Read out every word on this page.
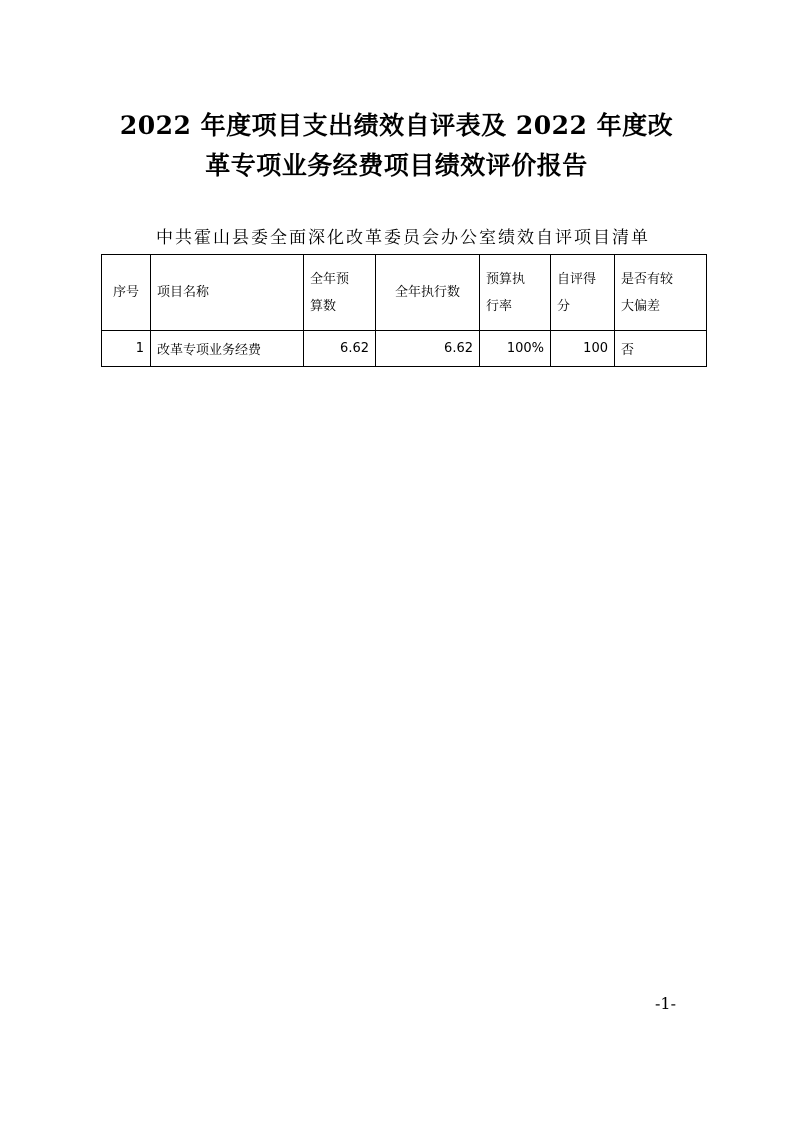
2022 年度项目支出绩效自评表及 2022 年度改
革专项业务经费项目绩效评价报告
中共霍山县委全面深化改革委员会办公室绩效自评项目清单
序号	项目名称	全年预算数	全年执行数	预算执行率	自评得分	是否有较大偏差

1	改革专项业务经费	6.62	6.62	100%	100	否
-1-
